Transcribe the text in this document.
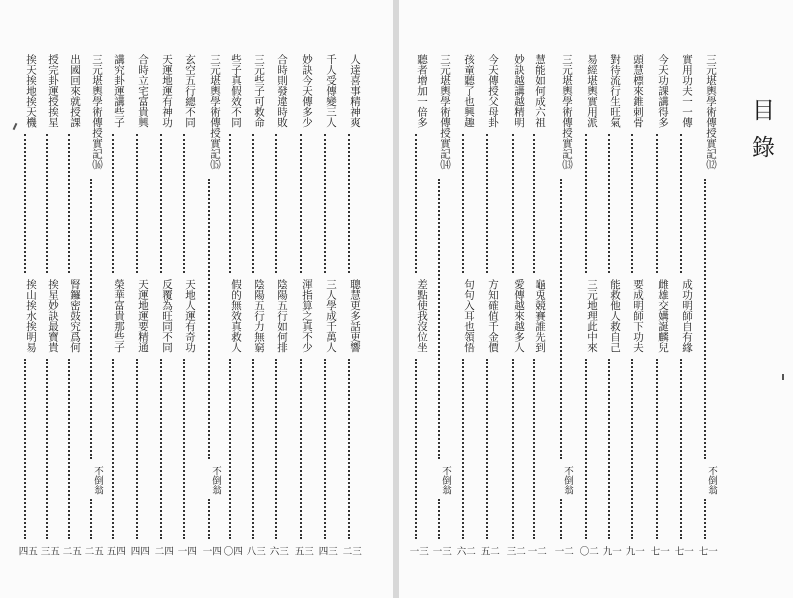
目錄
人達喜事精神爽
聰慧更多話更響
三二
千人受傳變三人
三人學成千萬人
三四
妙訣今天傳多少
渾指算之真不少
三五
合時則發違時敗
陰陽五行如何排
三六
三元些子可救命
陰陽五行力無窮
三八
些子真假效不同
假的無效真救人
四〇
三元堪輿學術傳授實記⒂
不倒翁
四一
玄空五行總不同
天地人運有奇功
四一
天運地運有神功
反覆為旺同不同
四二
合時立宅富貴興
天運地運要精通
四四
講究卦運講些子
榮華富貴那些子
四五
三元堪輿學術傳授實記⒃
不倒翁
五二
出國回來就授課
腎鑼密鼓究爲何
五二
授完卦運授挨星
挨星妙訣最寶貴
五三
挨天挨地挨天機
挨山挨水挨明易
五四
三元堪輿學術傳授實記⑿
不倒翁
一七
實用功夫一一傳
成功明師自有緣
一七
今天功課講得多
雌雄交媾誕麟兒
一七
頭慧標來錐刺骨
要成明師下功夫
一九
對待流行生旺氣
能救他人救自己
一九
易經堪輿實用派
三元地理此中來
二〇
三元堪輿學術傳授實記⒀
不倒翁
二一
慧能如何成六祖
龜兎競賽誰先到
二一
妙訣越講越精明
愛傳越來越多人
二三
今天傳授父母卦
方知確值千金價
二五
孩童聽了也興趣
句句入耳也領悟
二六
三元堪輿學術傳授實記⒁
不倒翁
三一
聽者增加一倍多
差點使我沒位坐
三一
